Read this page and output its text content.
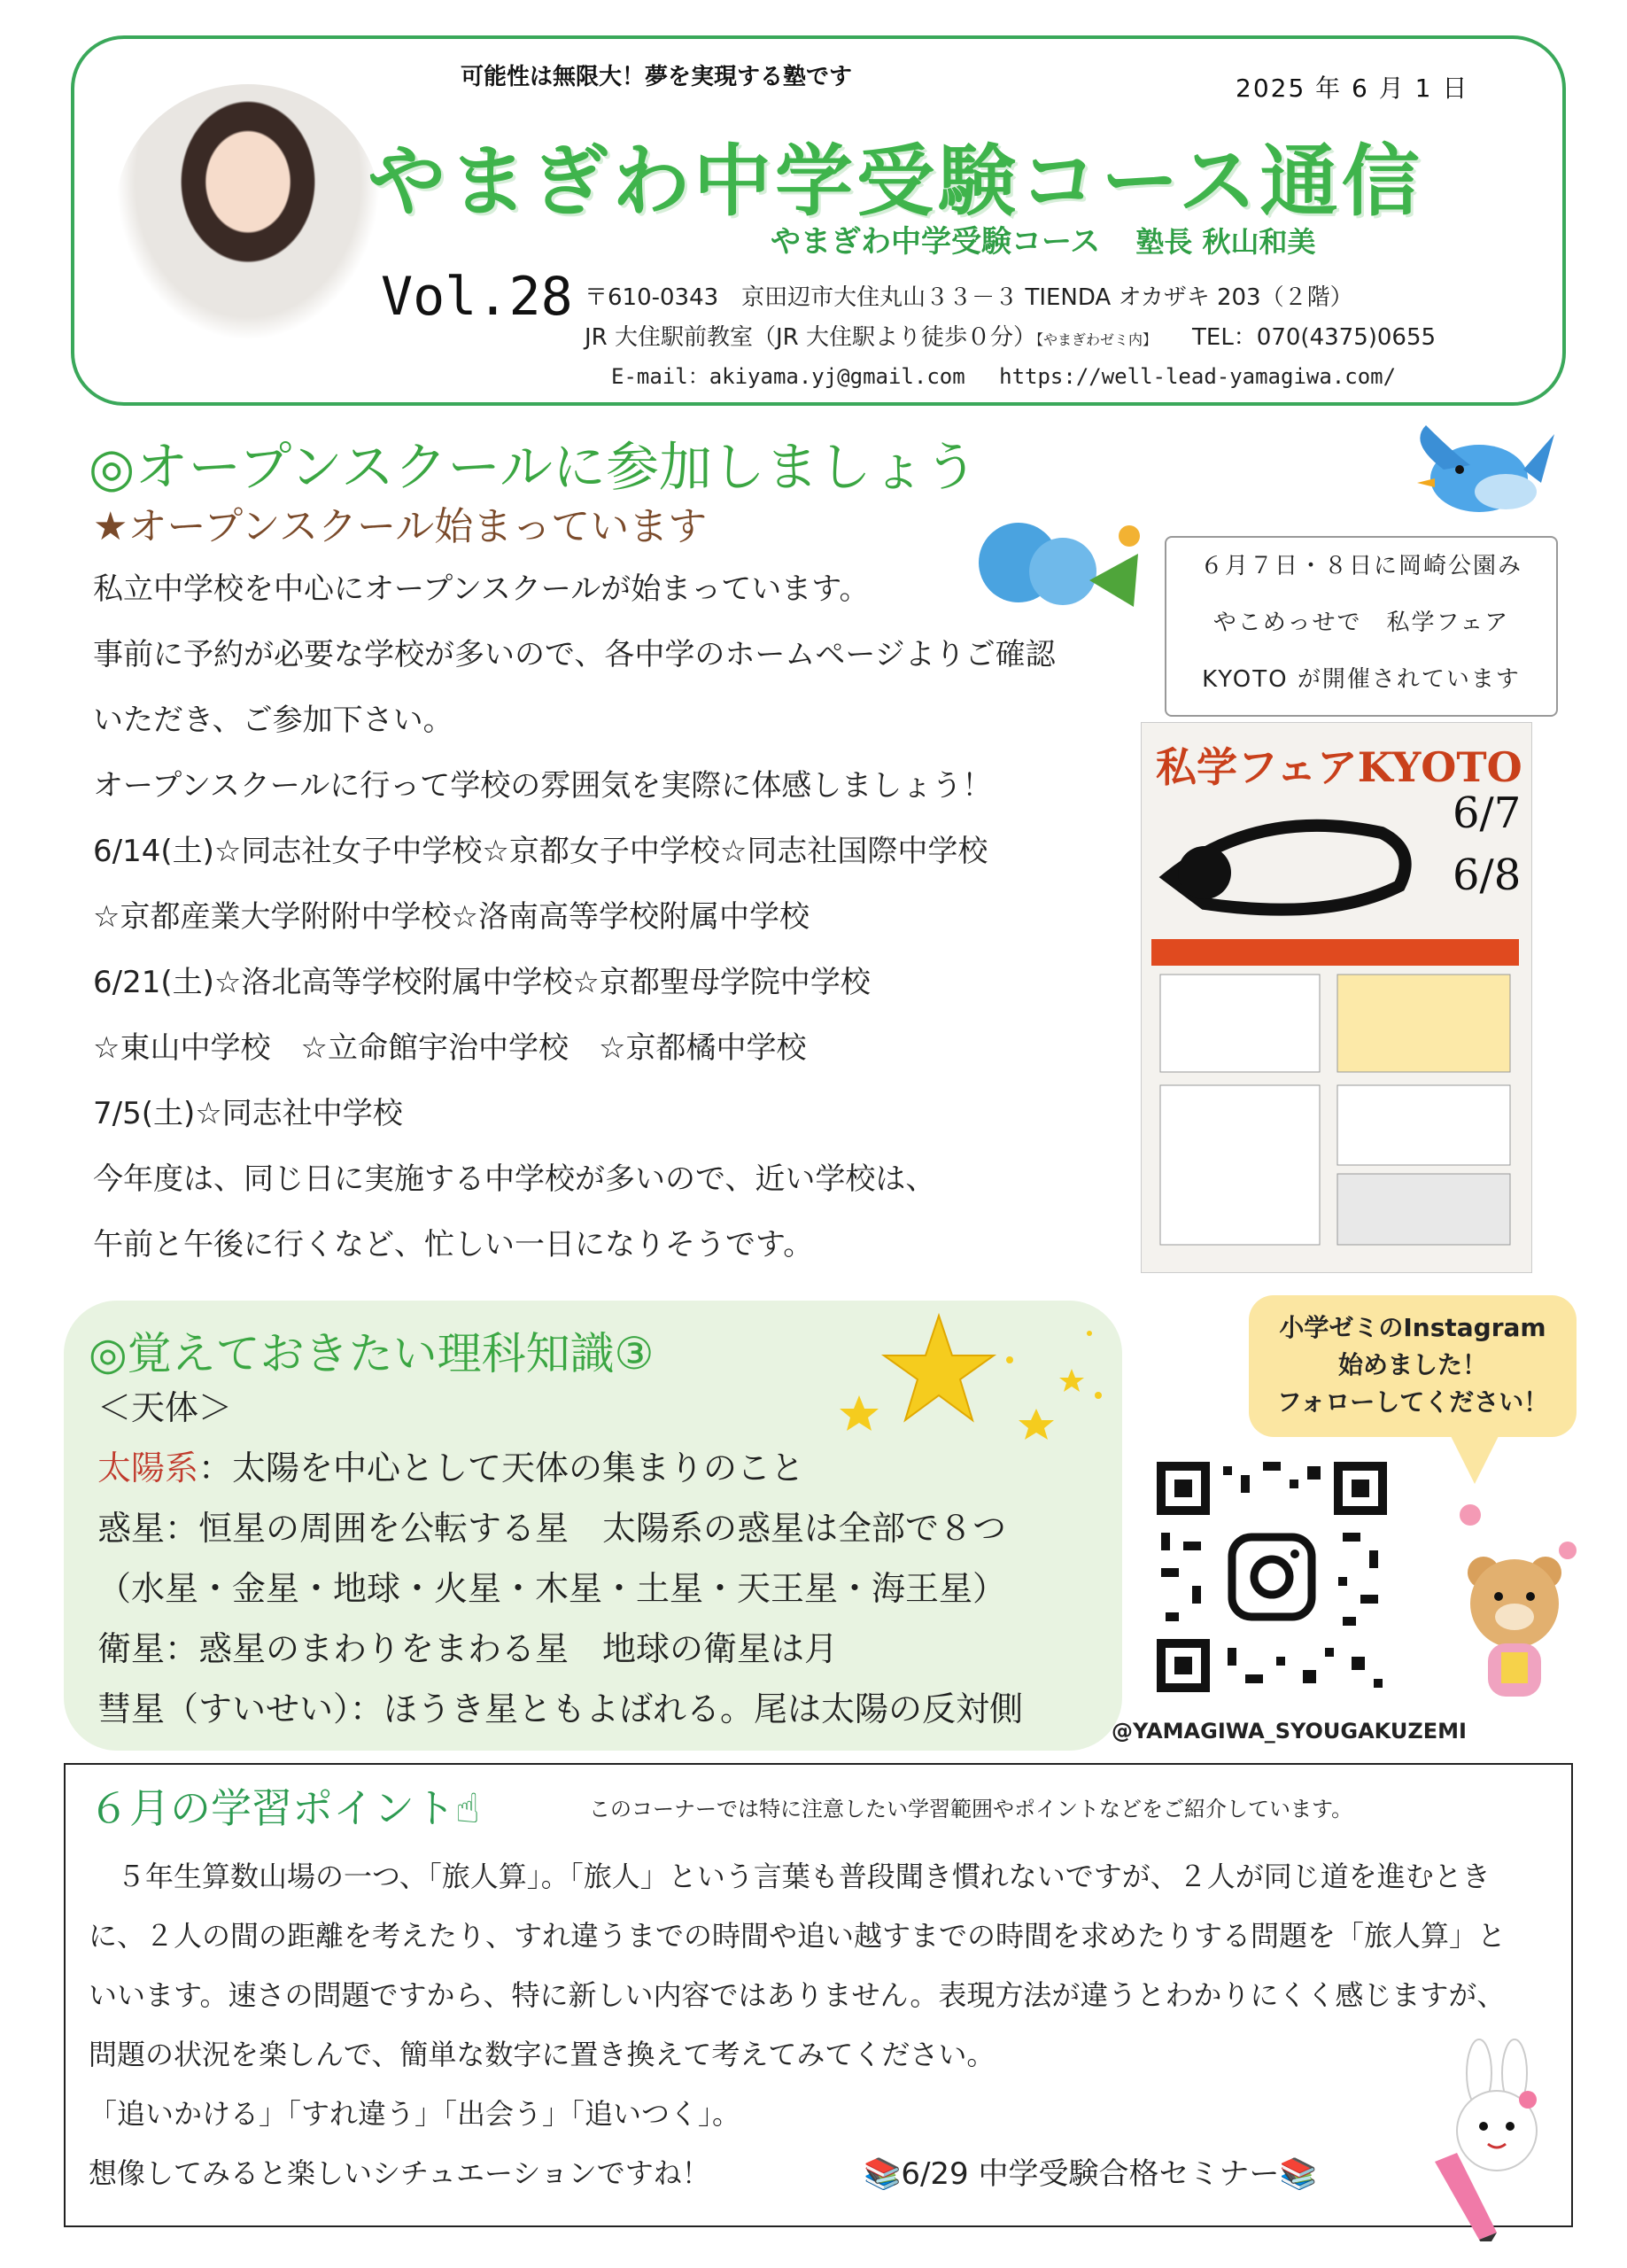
可能性は無限大！夢を実現する塾です	2025 年 6 月 1 日
やまぎわ中学受験コース通信
やまぎわ中学受験コース 塾長 秋山和美
Vol.28 〒610-0343　京田辺市大住丸山３３－３ TIENDA オカザキ 203（２階）
JR 大住駅前教室（JR 大住駅より徒歩０分）【やまぎわゼミ内】 TEL：070(4375)0655
E-mail：akiyama.yj@gmail.com　 https://well-lead-yamagiwa.com/
◎オープンスクールに参加しましょう
★オープンスクール始まっています
私立中学校を中心にオープンスクールが始まっています。
事前に予約が必要な学校が多いので、各中学のホームページよりご確認
いただき、ご参加下さい。
オープンスクールに行って学校の雰囲気を実際に体感しましょう！
6/14(土)☆同志社女子中学校☆京都女子中学校☆同志社国際中学校
☆京都産業大学附附中学校☆洛南高等学校附属中学校
6/21(土)☆洛北高等学校附属中学校☆京都聖母学院中学校
☆東山中学校　☆立命館宇治中学校　☆京都橘中学校
7/5(土)☆同志社中学校
今年度は、同じ日に実施する中学校が多いので、近い学校は、
午前と午後に行くなど、忙しい一日になりそうです。
６月７日・８日に岡崎公園み
やこめっせで　私学フェア
KYOTO が開催されています
私学フェアKYOTO
6/7
6/8
◎覚えておきたい理科知識③
＜天体＞
太陽系：太陽を中心として天体の集まりのこと
惑星：恒星の周囲を公転する星　太陽系の惑星は全部で８つ
（水星・金星・地球・火星・木星・土星・天王星・海王星）
衛星：惑星のまわりをまわる星　地球の衛星は月
彗星（すいせい）：ほうき星ともよばれる。尾は太陽の反対側
小学ゼミのInstagram
始めました！
フォローしてください！
@YAMAGIWA_SYOUGAKUZEMI
６月の学習ポイント☝	このコーナーでは特に注意したい学習範囲やポイントなどをご紹介しています。
　５年生算数山場の一つ、「旅人算」。「旅人」という言葉も普段聞き慣れないですが、２人が同じ道を進むとき
に、２人の間の距離を考えたり、すれ違うまでの時間や追い越すまでの時間を求めたりする問題を「旅人算」と
いいます。速さの問題ですから、特に新しい内容ではありません。表現方法が違うとわかりにくく感じますが、
問題の状況を楽しんで、簡単な数字に置き換えて考えてみてください。
「追いかける」「すれ違う」「出会う」「追いつく」。
想像してみると楽しいシチュエーションですね！	📚6/29 中学受験合格セミナー📚
